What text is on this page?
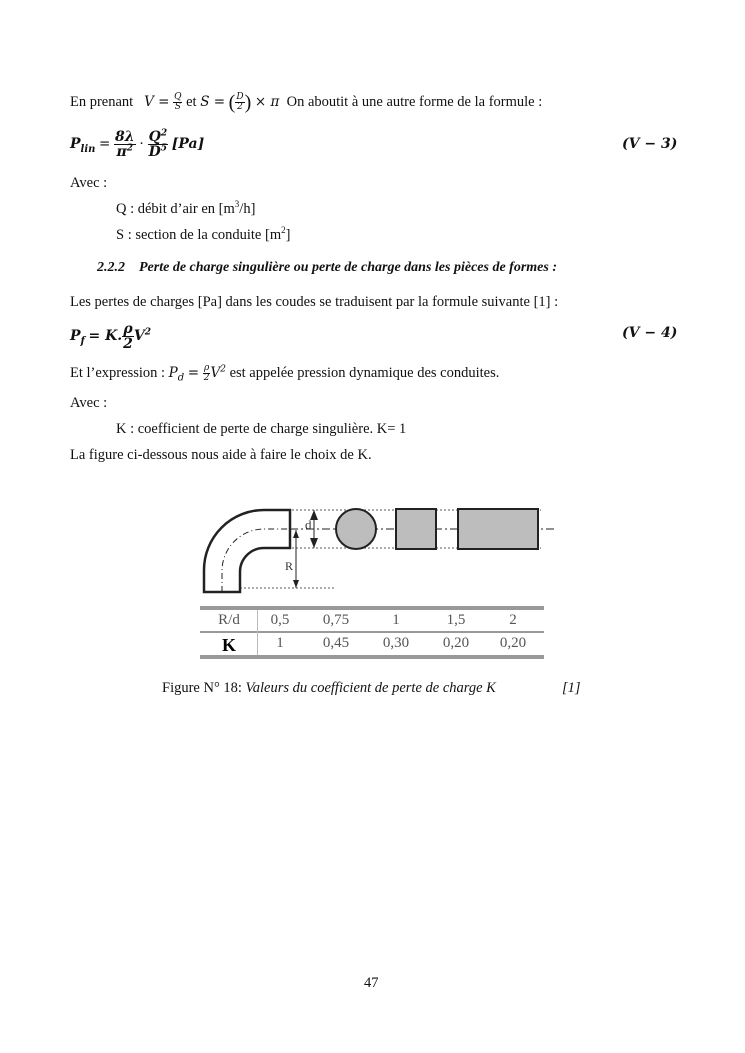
En prenant $V = \frac{Q}{S}$ et S = ( $\frac{D}{2}$ ) × π On aboutit à une autre forme de la formule :
$P_{lin} = \frac{8\lambda}{\pi^2} \cdot \frac{Q^2}{D^5} [Pa]$	(V − 3)
Avec :
Q : débit d’air en $[m^3/h]$
S : section de la conduite $[m^2]$
2.2.2 Perte de charge singulière ou perte de charge dans les pièces de formes :
Les pertes de charges [Pa] dans les coudes se traduisent par la formule suivante [1] :
$P_f = K$. $\frac{\rho}{2} V^2$	(V − 4)
Et l’expression : $P_d = \frac{\rho}{2} V^2$ est appelée pression dynamique des conduites.
Avec :
K : coefficient de perte de charge singulière. K= 1
La figure ci-dessous nous aide à faire le choix de K.
d
R
R/d	0,5	0,75	1	1,5	2
K	1	0,45	0,30	0,20	0,20
Figure N° 18: Valeurs du coefficient de perte de charge K	[1]
47
